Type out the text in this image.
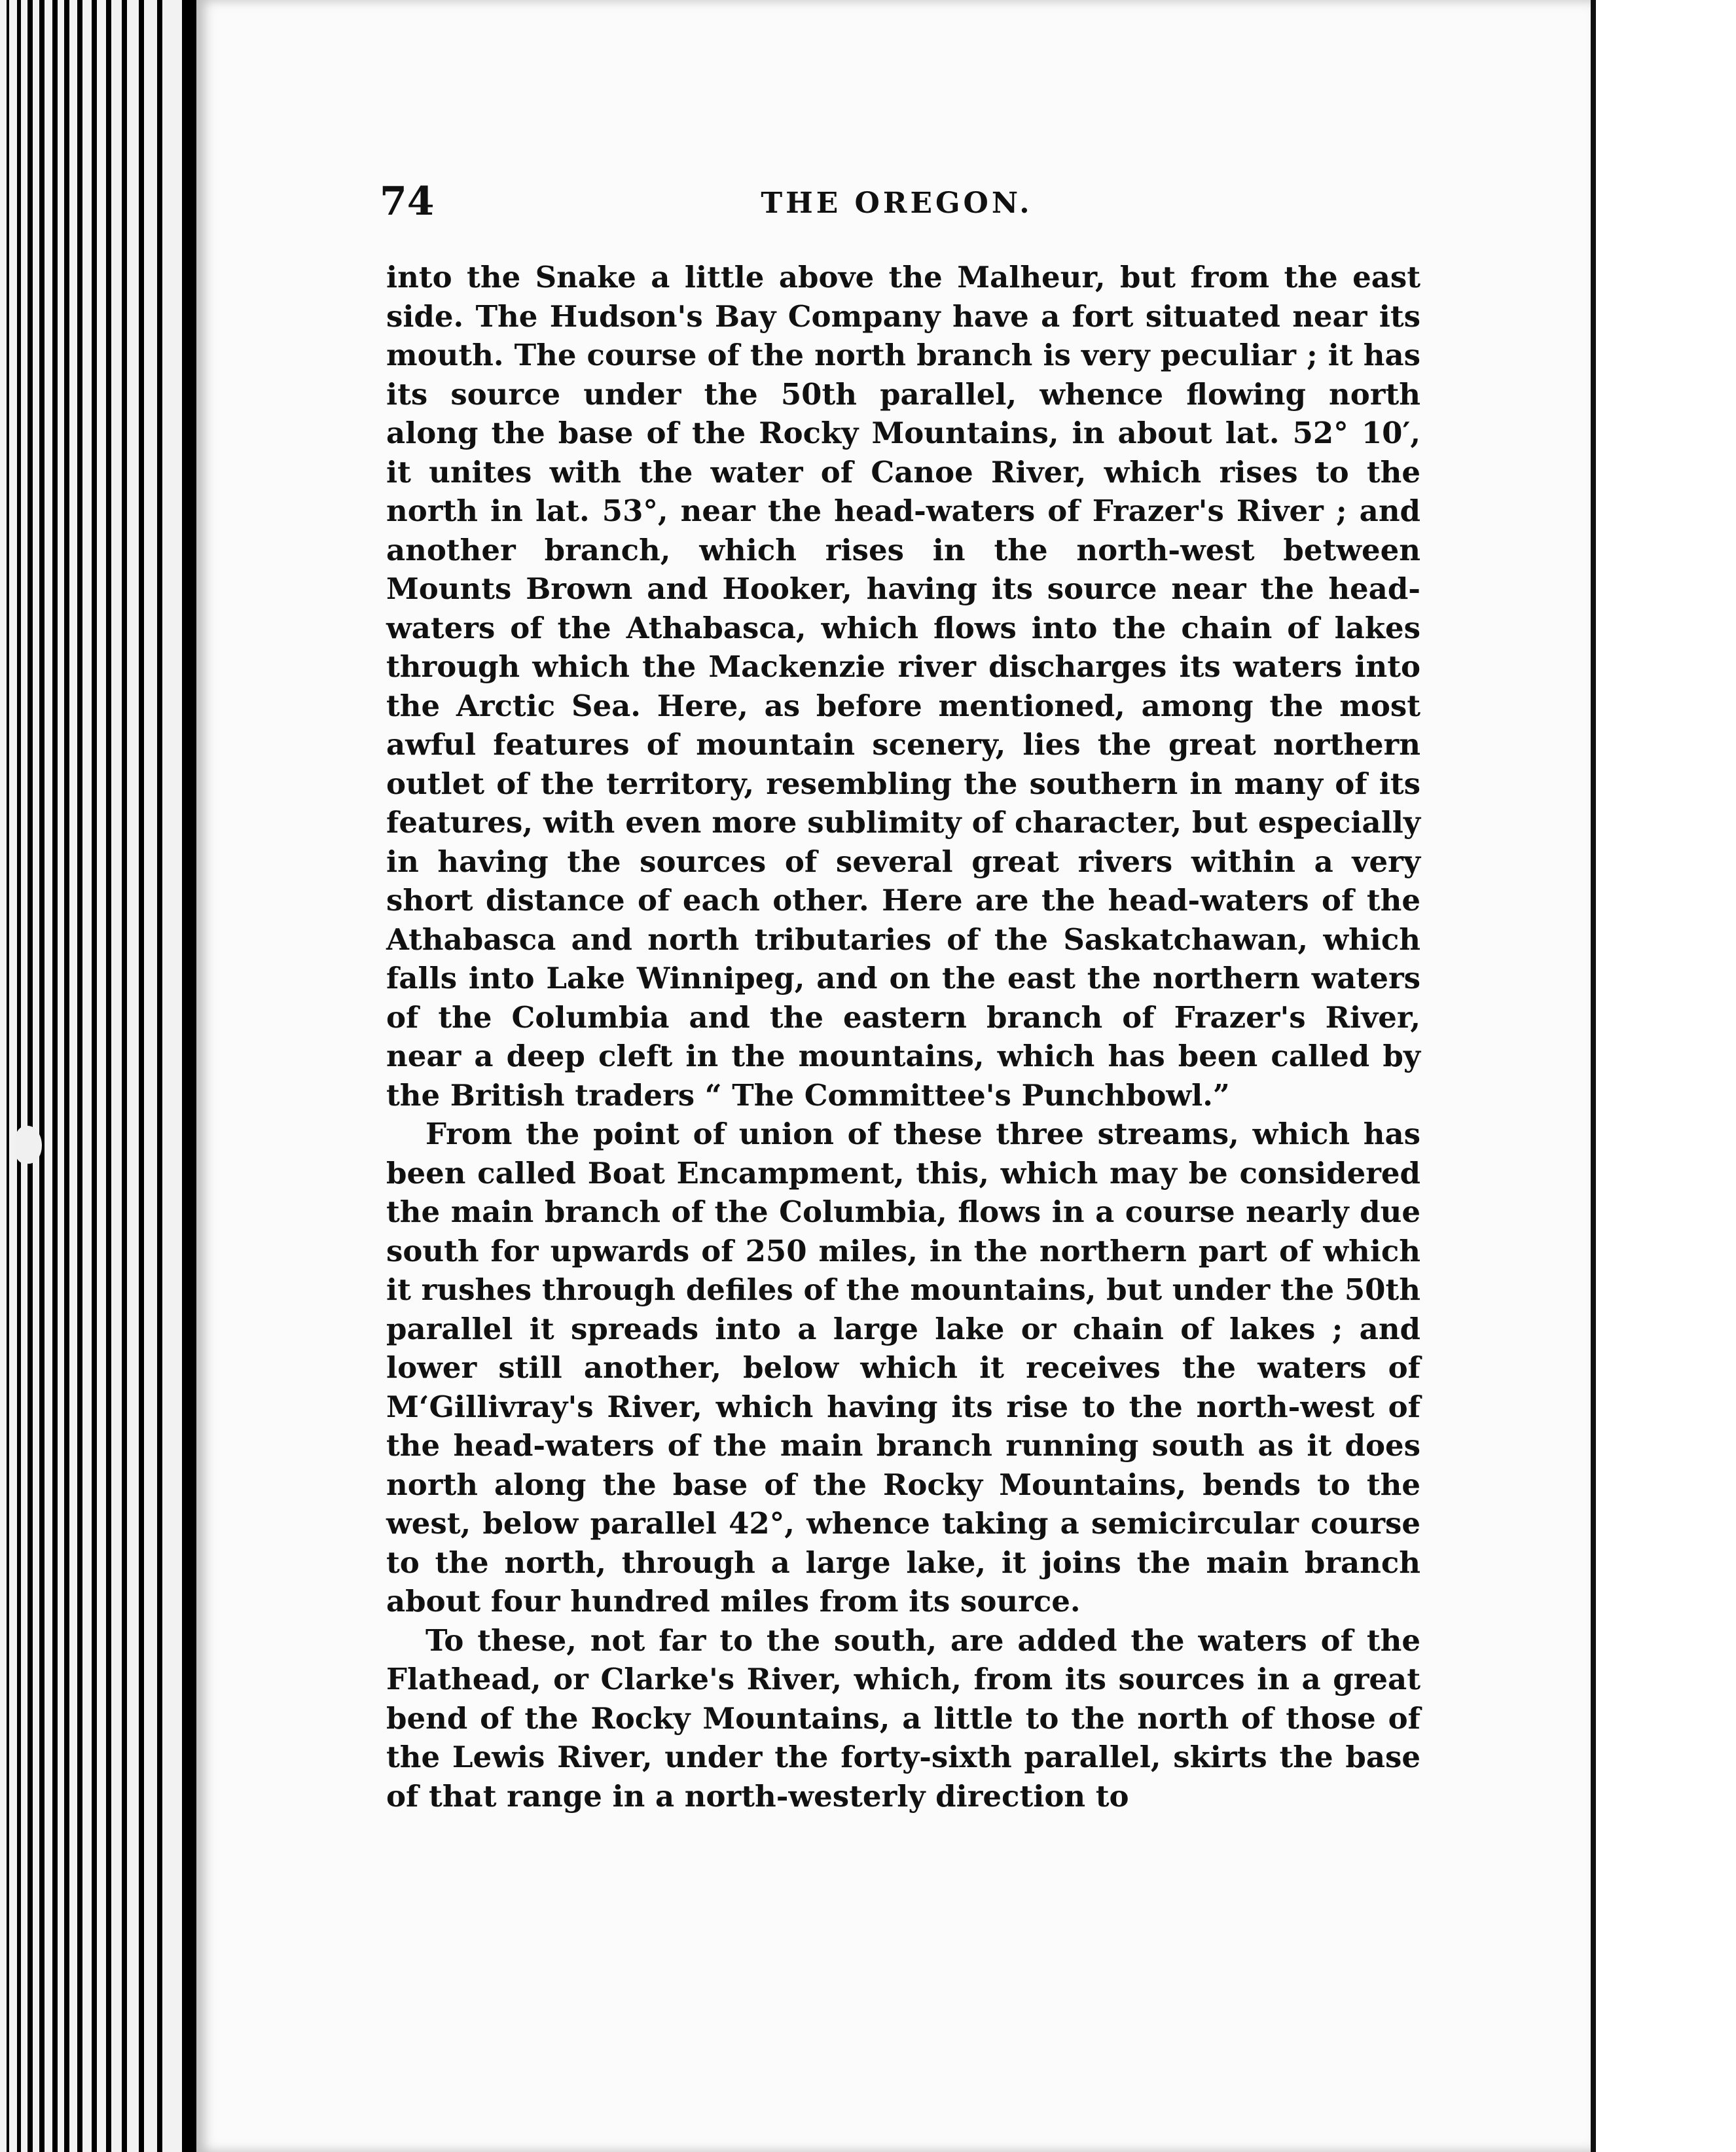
74	THE OREGON.

into the Snake a little above the Malheur, but from the east side. The Hudson's Bay Company have a fort situated near its mouth. The course of the north branch is very peculiar ; it has its source under the 50th parallel, whence flowing north along the base of the Rocky Mountains, in about lat. 52° 10′, it unites with the water of Canoe River, which rises to the north in lat. 53°, near the head-waters of Frazer's River ; and another branch, which rises in the north-west between Mounts Brown and Hooker, having its source near the head-waters of the Athabasca, which flows into the chain of lakes through which the Mackenzie river discharges its waters into the Arctic Sea. Here, as before mentioned, among the most awful features of mountain scenery, lies the great northern outlet of the territory, resembling the southern in many of its features, with even more sublimity of character, but especially in having the sources of several great rivers within a very short distance of each other. Here are the head-waters of the Athabasca and north tributaries of the Saskatchawan, which falls into Lake Winnipeg, and on the east the northern waters of the Columbia and the eastern branch of Frazer's River, near a deep cleft in the mountains, which has been called by the British traders “ The Committee's Punchbowl.”

From the point of union of these three streams, which has been called Boat Encampment, this, which may be considered the main branch of the Columbia, flows in a course nearly due south for upwards of 250 miles, in the northern part of which it rushes through defiles of the mountains, but under the 50th parallel it spreads into a large lake or chain of lakes ; and lower still another, below which it receives the waters of M‘Gillivray's River, which having its rise to the north-west of the head-waters of the main branch running south as it does north along the base of the Rocky Mountains, bends to the west, below parallel 42°, whence taking a semicircular course to the north, through a large lake, it joins the main branch about four hundred miles from its source.

To these, not far to the south, are added the waters of the Flathead, or Clarke's River, which, from its sources in a great bend of the Rocky Mountains, a little to the north of those of the Lewis River, under the forty-sixth parallel, skirts the base of that range in a north-westerly direction to
